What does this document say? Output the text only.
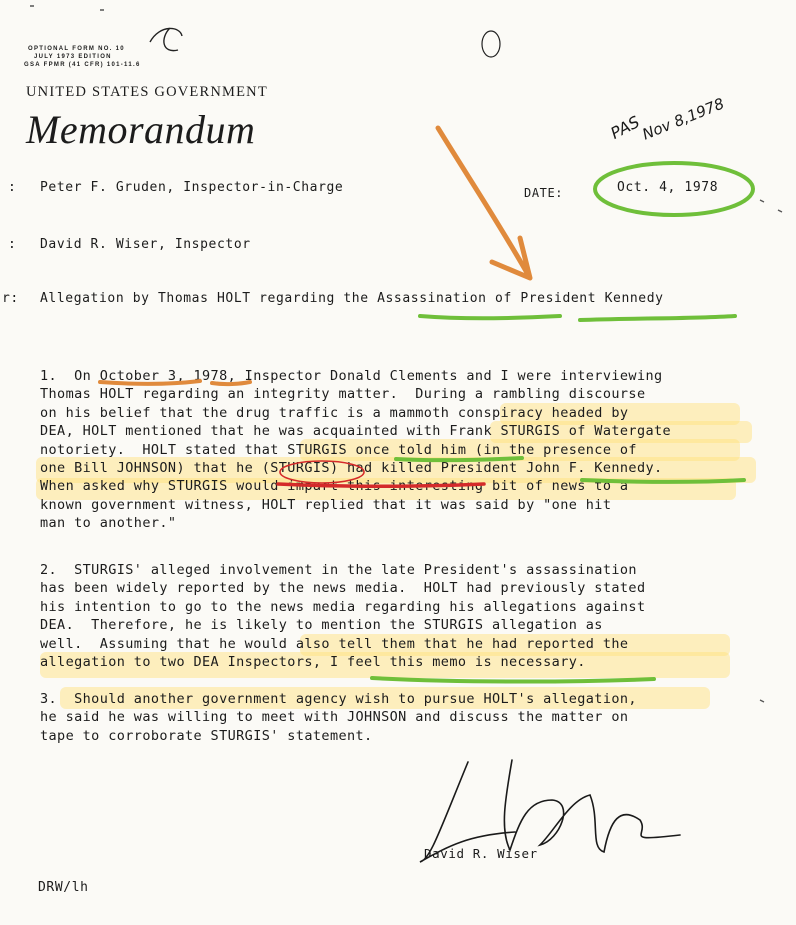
OPTIONAL FORM NO. 10
JULY 1973 EDITION
GSA FPMR (41 CFR) 101-11.6
UNITED STATES GOVERNMENT
Memorandum	PAS
Nov 8,1978
: Peter F. Gruden, Inspector-in-Charge	DATE:	Oct. 4, 1978
: David R. Wiser, Inspector
r: Allegation by Thomas HOLT regarding the Assassination of President Kennedy
1.  On October 3, 1978, Inspector Donald Clements and I were interviewing
Thomas HOLT regarding an integrity matter.  During a rambling discourse
on his belief that the drug traffic is a mammoth conspiracy headed by
DEA, HOLT mentioned that he was acquainted with Frank STURGIS of Watergate
notoriety.  HOLT stated that STURGIS once told him (in the presence of
one Bill JOHNSON) that he (STURGIS) had killed President John F. Kennedy.
When asked why STURGIS would impart this interesting bit of news to a
known government witness, HOLT replied that it was said by "one hit
man to another."
2.  STURGIS' alleged involvement in the late President's assassination
has been widely reported by the news media.  HOLT had previously stated
his intention to go to the news media regarding his allegations against
DEA.  Therefore, he is likely to mention the STURGIS allegation as
well.  Assuming that he would also tell them that he had reported the
allegation to two DEA Inspectors, I feel this memo is necessary.
3.  Should another government agency wish to pursue HOLT's allegation,
he said he was willing to meet with JOHNSON and discuss the matter on
tape to corroborate STURGIS' statement.
David R. Wiser
DRW/lh
